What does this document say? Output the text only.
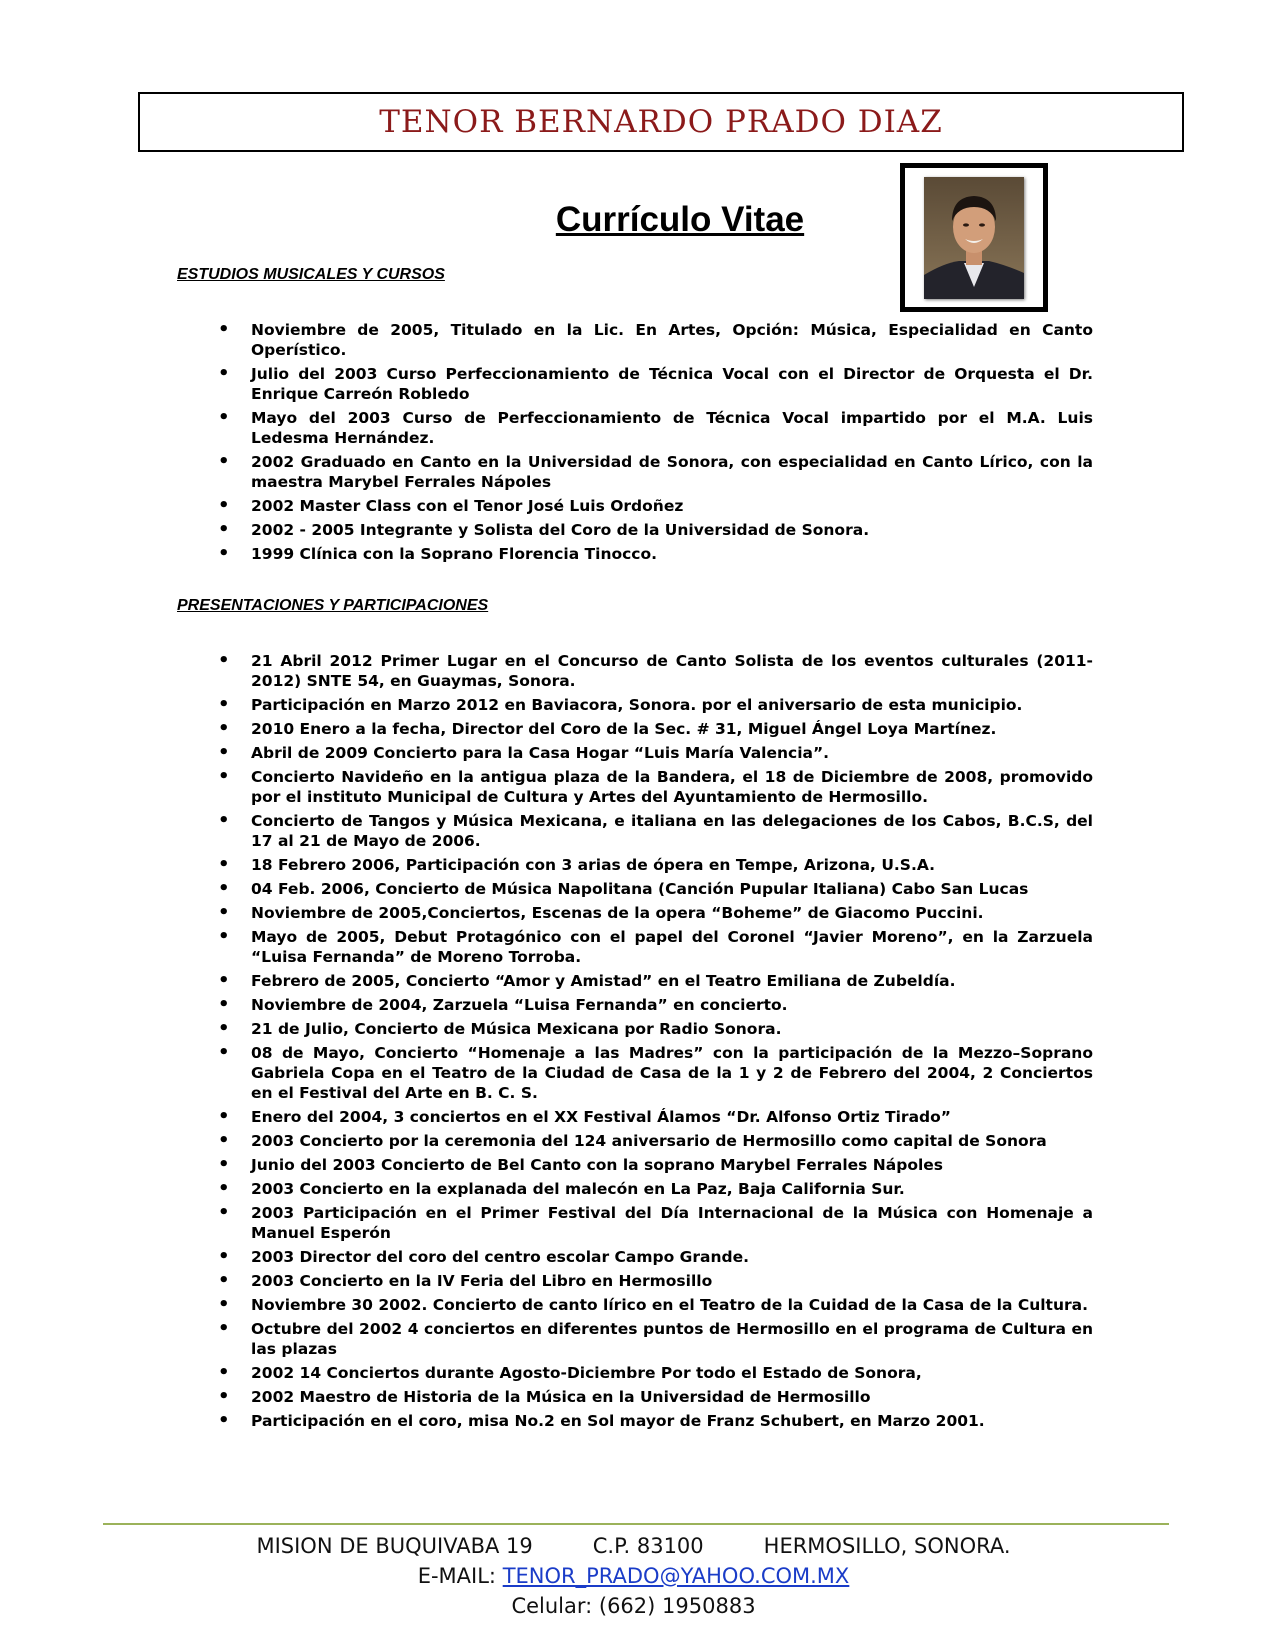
TENOR BERNARDO PRADO DIAZ
Currículo Vitae
ESTUDIOS MUSICALES Y CURSOS
• Noviembre de 2005, Titulado en la Lic. En Artes, Opción: Música, Especialidad en Canto Operístico.
• Julio del 2003 Curso Perfeccionamiento de Técnica Vocal con el Director de Orquesta el Dr. Enrique Carreón Robledo
• Mayo del 2003 Curso de Perfeccionamiento de Técnica Vocal impartido por el M.A. Luis Ledesma Hernández.
• 2002 Graduado en Canto en la Universidad de Sonora, con especialidad en Canto Lírico, con la maestra Marybel Ferrales Nápoles
• 2002 Master Class con el Tenor José Luis Ordoñez
• 2002 - 2005 Integrante y Solista del Coro de la Universidad de Sonora.
• 1999 Clínica con la Soprano Florencia Tinocco.
PRESENTACIONES Y PARTICIPACIONES
• 21 Abril 2012 Primer Lugar en el Concurso de Canto Solista de los eventos culturales (2011-2012) SNTE 54, en Guaymas, Sonora.
• Participación en Marzo 2012 en Baviacora, Sonora. por el aniversario de esta municipio.
• 2010 Enero a la fecha, Director del Coro de la Sec. # 31, Miguel Ángel Loya Martínez.
• Abril de 2009 Concierto para la Casa Hogar “Luis María Valencia”.
• Concierto Navideño en la antigua plaza de la Bandera, el 18 de Diciembre de 2008, promovido por el instituto Municipal de Cultura y Artes del Ayuntamiento de Hermosillo.
• Concierto de Tangos y Música Mexicana, e italiana en las delegaciones de los Cabos, B.C.S, del 17 al 21 de Mayo de 2006.
• 18 Febrero 2006, Participación con 3 arias de ópera en Tempe, Arizona, U.S.A.
• 04 Feb. 2006, Concierto de Música Napolitana (Canción Pupular Italiana) Cabo San Lucas
• Noviembre de 2005,Conciertos, Escenas de la opera “Boheme” de Giacomo Puccini.
• Mayo de 2005, Debut Protagónico con el papel del Coronel “Javier Moreno”, en la Zarzuela “Luisa Fernanda” de Moreno Torroba.
• Febrero de 2005, Concierto “Amor y Amistad” en el Teatro Emiliana de Zubeldía.
• Noviembre de 2004, Zarzuela “Luisa Fernanda” en concierto.
• 21 de Julio, Concierto de Música Mexicana por Radio Sonora.
• 08 de Mayo, Concierto “Homenaje a las Madres” con la participación de la Mezzo–Soprano Gabriela Copa en el Teatro de la Ciudad de Casa de la 1 y 2 de Febrero del 2004, 2 Conciertos en el Festival del Arte en B. C. S.
• Enero del 2004, 3 conciertos en el XX Festival Álamos “Dr. Alfonso Ortiz Tirado”
• 2003 Concierto por la ceremonia del 124 aniversario de Hermosillo como capital de Sonora
• Junio del 2003 Concierto de Bel Canto con la soprano Marybel Ferrales Nápoles
• 2003 Concierto en la explanada del malecón en La Paz, Baja California Sur.
• 2003 Participación en el Primer Festival del Día Internacional de la Música con Homenaje a Manuel Esperón
• 2003 Director del coro del centro escolar Campo Grande.
• 2003 Concierto en la IV Feria del Libro en Hermosillo
• Noviembre 30 2002. Concierto de canto lírico en el Teatro de la Cuidad de la Casa de la Cultura.
• Octubre del 2002 4 conciertos en diferentes puntos de Hermosillo en el programa de Cultura en las plazas
• 2002 14 Conciertos durante Agosto-Diciembre Por todo el Estado de Sonora,
• 2002 Maestro de Historia de la Música en la Universidad de Hermosillo
• Participación en el coro, misa No.2 en Sol mayor de Franz Schubert, en Marzo 2001.
MISION DE BUQUIVABA 19	C.P. 83100	HERMOSILLO, SONORA.
E-MAIL: TENOR_PRADO@YAHOO.COM.MX
Celular: (662) 1950883
